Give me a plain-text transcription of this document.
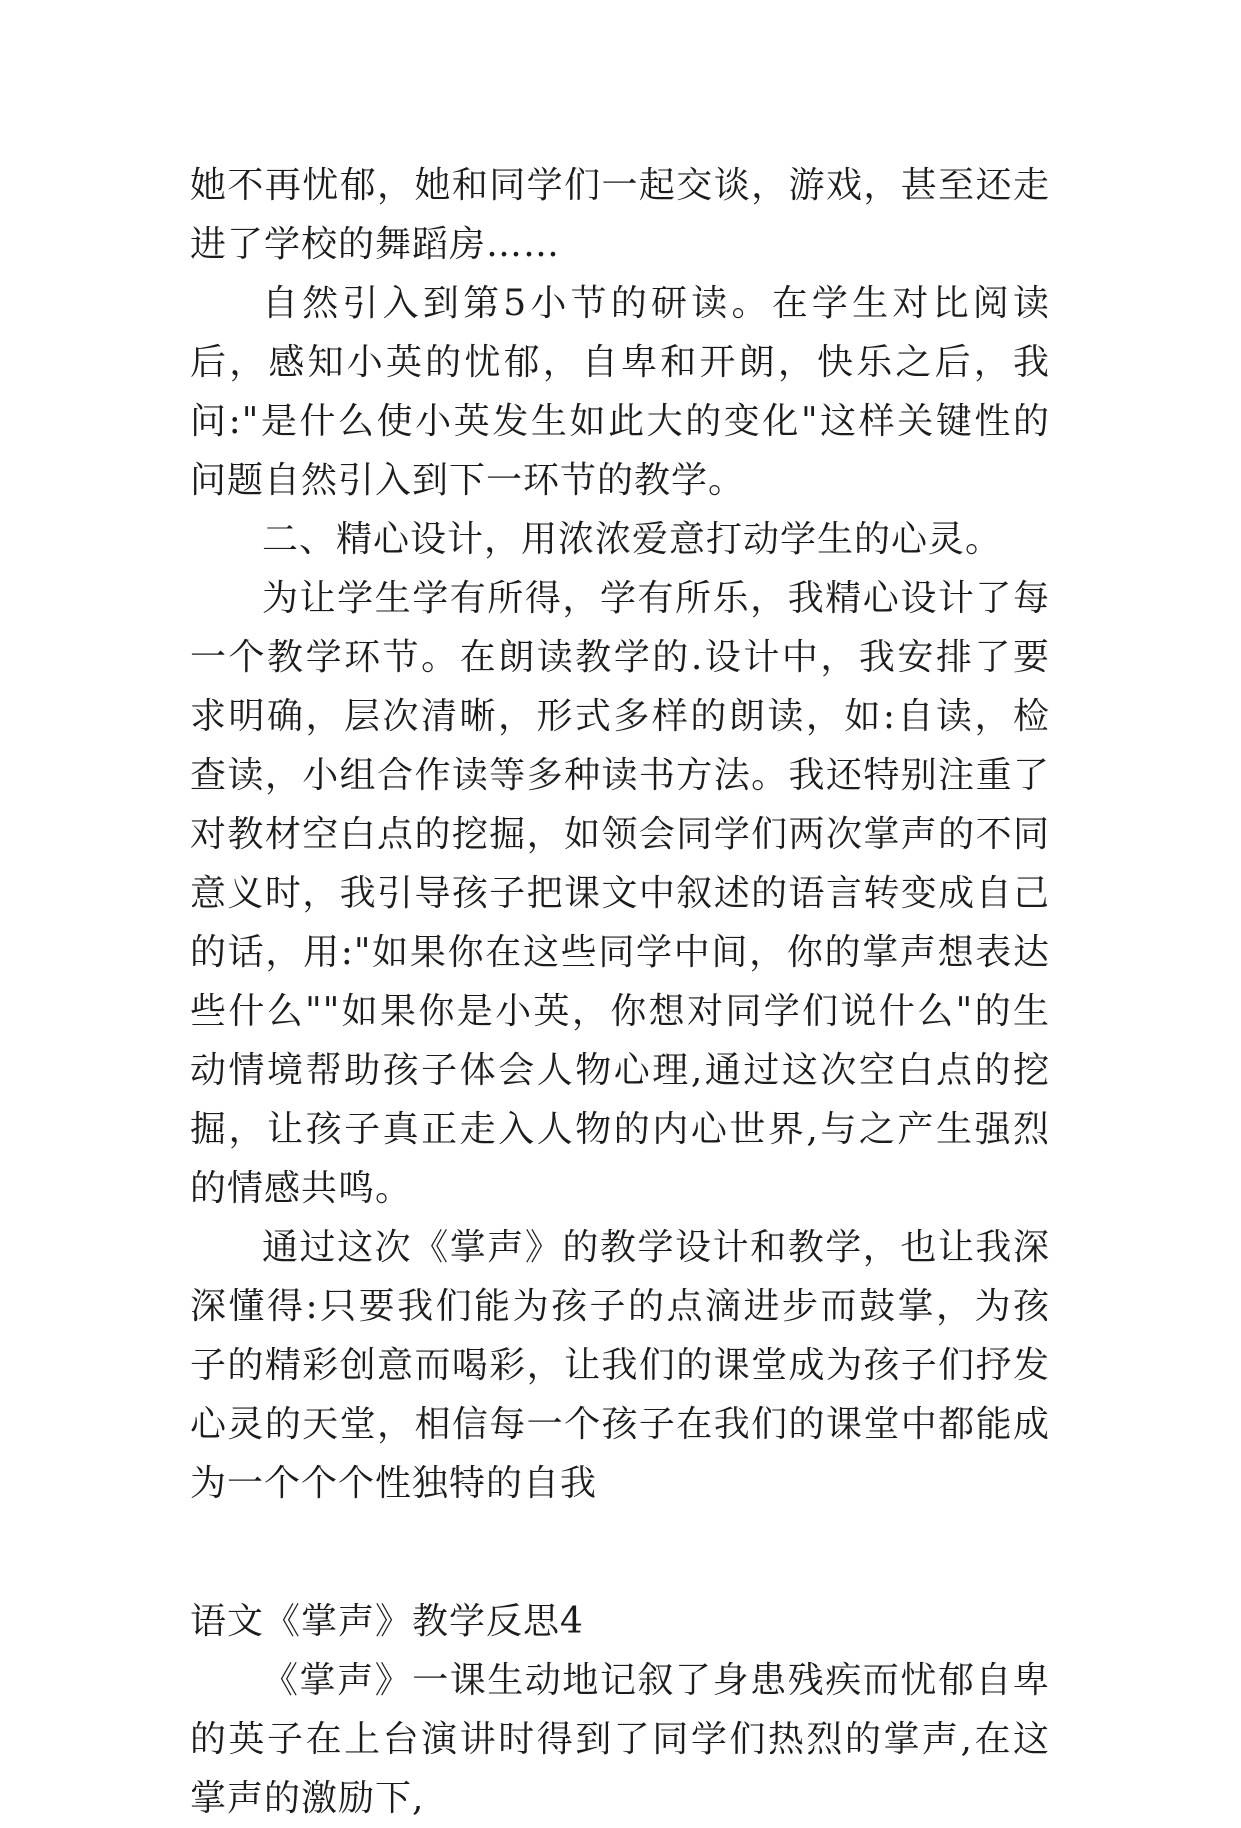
她不再忧郁，她和同学们一起交谈，游戏，甚至还走进了学校的舞蹈房……

自然引入到第5小节的研读。在学生对比阅读后，感知小英的忧郁，自卑和开朗，快乐之后，我问:"是什么使小英发生如此大的变化"这样关键性的问题自然引入到下一环节的教学。

二、精心设计，用浓浓爱意打动学生的心灵。

为让学生学有所得，学有所乐，我精心设计了每一个教学环节。在朗读教学的.设计中，我安排了要求明确，层次清晰，形式多样的朗读，如:自读，检查读，小组合作读等多种读书方法。我还特别注重了对教材空白点的挖掘，如领会同学们两次掌声的不同意义时，我引导孩子把课文中叙述的语言转变成自己的话，用:"如果你在这些同学中间，你的掌声想表达些什么""如果你是小英，你想对同学们说什么"的生动情境帮助孩子体会人物心理,通过这次空白点的挖掘，让孩子真正走入人物的内心世界,与之产生强烈的情感共鸣。

通过这次《掌声》的教学设计和教学，也让我深深懂得:只要我们能为孩子的点滴进步而鼓掌，为孩子的精彩创意而喝彩，让我们的课堂成为孩子们抒发心灵的天堂，相信每一个孩子在我们的课堂中都能成为一个个个性独特的自我

语文《掌声》教学反思4

《掌声》一课生动地记叙了身患残疾而忧郁自卑的英子在上台演讲时得到了同学们热烈的掌声,在这掌声的激励下,
